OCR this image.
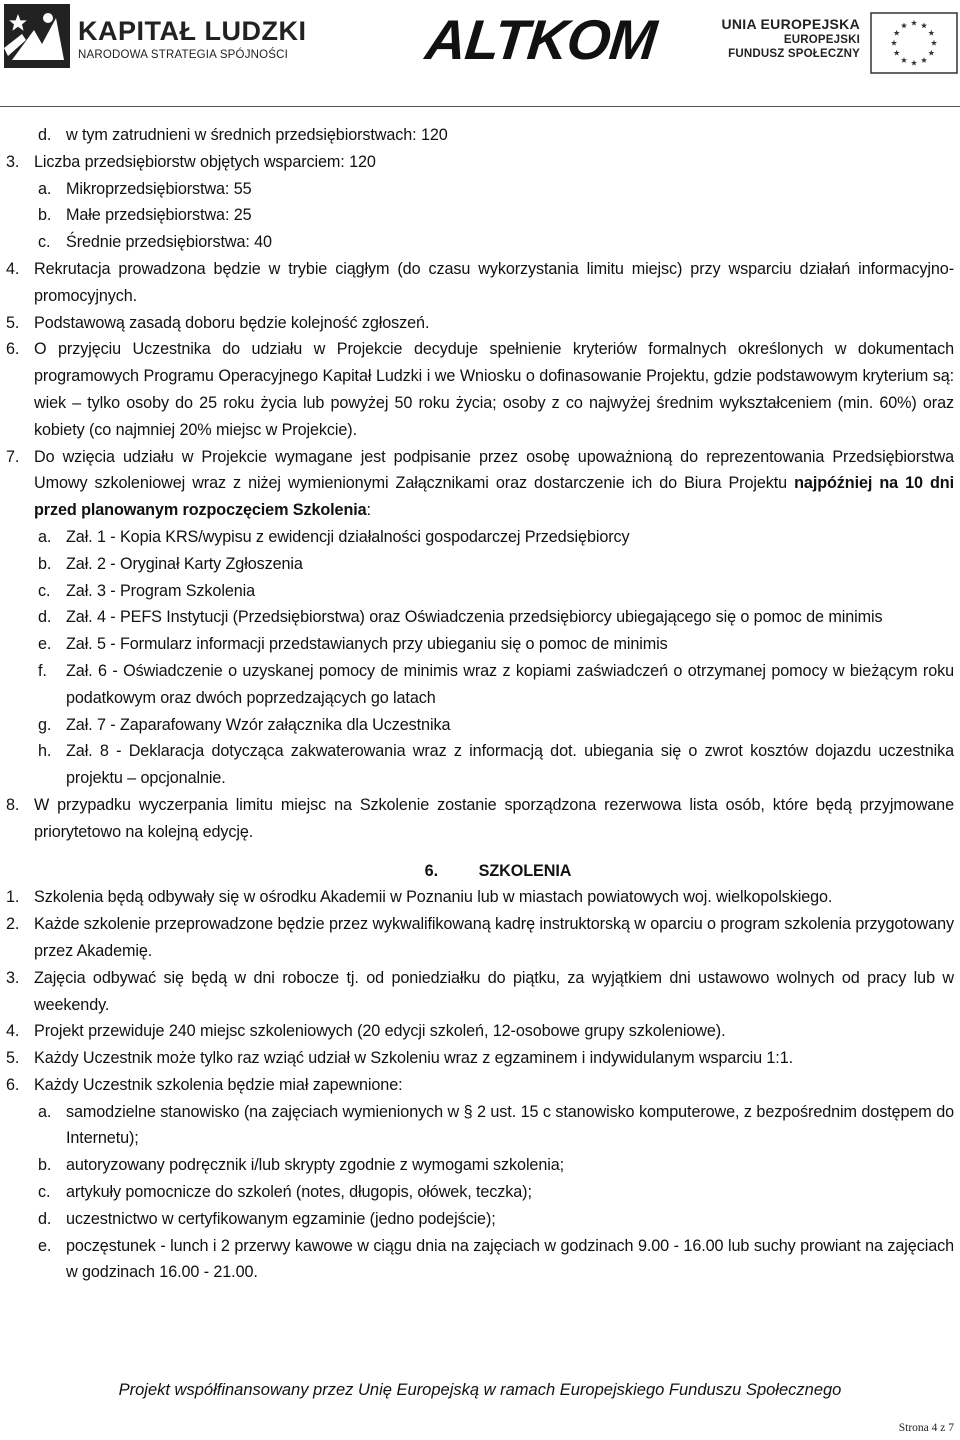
KAPITAŁ LUDZKI
NARODOWA STRATEGIA SPÓJNOŚCI ALTKOM	UNIA EUROPEJSKA
EUROPEJSKI
FUNDUSZ SPOŁECZNY
d. w tym zatrudnieni w średnich przedsiębiorstwach: 120
3. Liczba przedsiębiorstw objętych wsparciem: 120
a. Mikroprzedsiębiorstwa: 55
b. Małe przedsiębiorstwa: 25
c. Średnie przedsiębiorstwa: 40
4. Rekrutacja prowadzona będzie w trybie ciągłym (do czasu wykorzystania limitu miejsc) przy wsparciu działań informacyjno-promocyjnych.
5. Podstawową zasadą doboru będzie kolejność zgłoszeń.
6. O przyjęciu Uczestnika do udziału w Projekcie decyduje spełnienie kryteriów formalnych określonych w dokumentach programowych Programu Operacyjnego Kapitał Ludzki i we Wniosku o dofinasowanie Projektu, gdzie podstawowym kryterium są: wiek – tylko osoby do 25 roku życia lub powyżej 50 roku życia; osoby z co najwyżej średnim wykształceniem (min. 60%) oraz kobiety (co najmniej 20% miejsc w Projekcie).
7. Do wzięcia udziału w Projekcie wymagane jest podpisanie przez osobę upoważnioną do reprezentowania Przedsiębiorstwa Umowy szkoleniowej wraz z niżej wymienionymi Załącznikami oraz dostarczenie ich do Biura Projektu najpóźniej na 10 dni przed planowanym rozpoczęciem Szkolenia:
a. Zał. 1 - Kopia KRS/wypisu z ewidencji działalności gospodarczej Przedsiębiorcy
b. Zał. 2 - Oryginał Karty Zgłoszenia
c. Zał. 3 - Program Szkolenia
d. Zał. 4 - PEFS Instytucji (Przedsiębiorstwa) oraz Oświadczenia przedsiębiorcy ubiegającego się o pomoc de minimis
e. Zał. 5 - Formularz informacji przedstawianych przy ubieganiu się o pomoc de minimis
f. Zał. 6 - Oświadczenie o uzyskanej pomocy de minimis wraz z kopiami zaświadczeń o otrzymanej pomocy w bieżącym roku podatkowym oraz dwóch poprzedzających go latach
g. Zał. 7 - Zaparafowany Wzór załącznika dla Uczestnika
h. Zał. 8 - Deklaracja dotycząca zakwaterowania wraz z informacją dot. ubiegania się o zwrot kosztów dojazdu uczestnika projektu – opcjonalnie.
8. W przypadku wyczerpania limitu miejsc na Szkolenie zostanie sporządzona rezerwowa lista osób, które będą przyjmowane priorytetowo na kolejną edycję.
6.	SZKOLENIA
1. Szkolenia będą odbywały się w ośrodku Akademii w Poznaniu lub w miastach powiatowych woj. wielkopolskiego.
2. Każde szkolenie przeprowadzone będzie przez wykwalifikowaną kadrę instruktorską w oparciu o program szkolenia przygotowany przez Akademię.
3. Zajęcia odbywać się będą w dni robocze tj. od poniedziałku do piątku, za wyjątkiem dni ustawowo wolnych od pracy lub w weekendy.
4. Projekt przewiduje 240 miejsc szkoleniowych (20 edycji szkoleń, 12-osobowe grupy szkoleniowe).
5. Każdy Uczestnik może tylko raz wziąć udział w Szkoleniu wraz z egzaminem i indywidulanym wsparciu 1:1.
6. Każdy Uczestnik szkolenia będzie miał zapewnione:
a. samodzielne stanowisko (na zajęciach wymienionych w § 2 ust. 15 c stanowisko komputerowe, z bezpośrednim dostępem do Internetu);
b. autoryzowany podręcznik i/lub skrypty zgodnie z wymogami szkolenia;
c. artykuły pomocnicze do szkoleń (notes, długopis, ołówek, teczka);
d. uczestnictwo w certyfikowanym egzaminie (jedno podejście);
e. poczęstunek - lunch i 2 przerwy kawowe w ciągu dnia na zajęciach w godzinach 9.00 - 16.00 lub suchy prowiant na zajęciach w godzinach 16.00 - 21.00.
Projekt współfinansowany przez Unię Europejską w ramach Europejskiego Funduszu Społecznego
Strona 4 z 7
